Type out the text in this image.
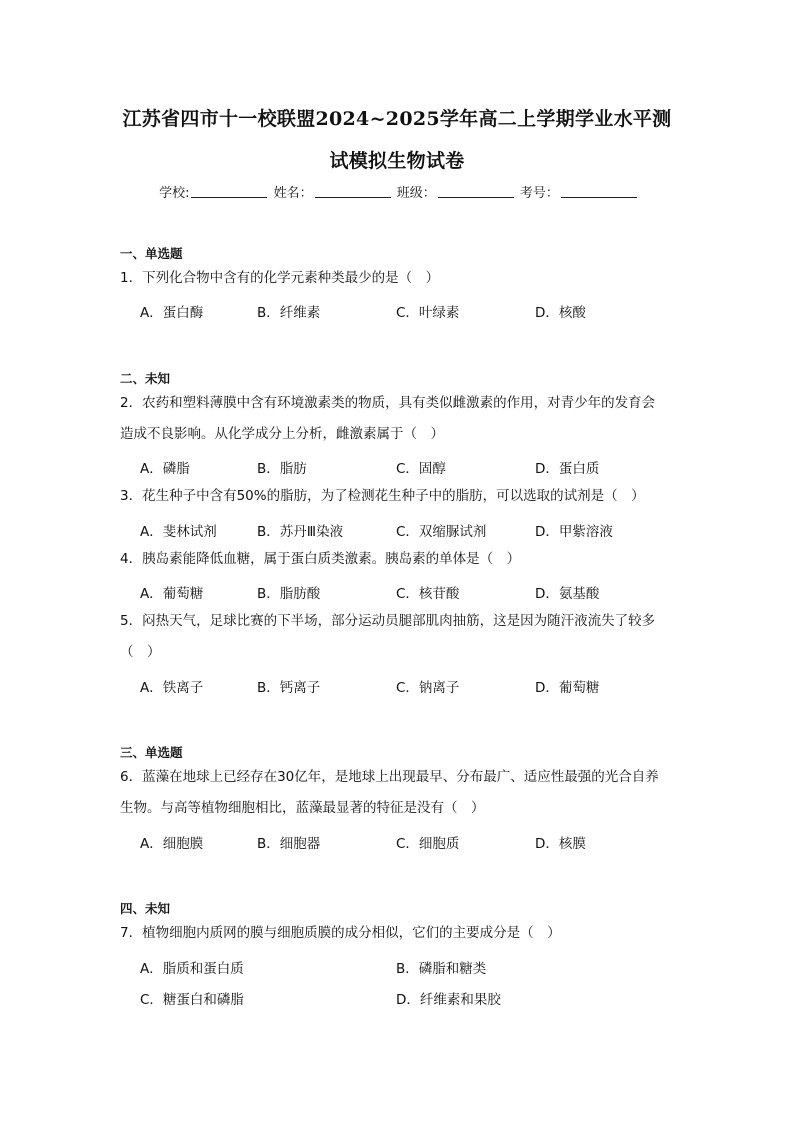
江苏省四市十一校联盟2024~2025学年高二上学期学业水平测
试模拟生物试卷
学校:	姓名：	班级：	考号：
一、单选题

1．下列化合物中含有的化学元素种类最少的是（　）

A．蛋白酶	B．纤维素	C．叶绿素	D．核酸
二、未知

2．农药和塑料薄膜中含有环境激素类的物质，具有类似雌激素的作用，对青少年的发育会

造成不良影响。从化学成分上分析，雌激素属于（　）

A．磷脂	B．脂肪	C．固醇	D．蛋白质

3．花生种子中含有50%的脂肪，为了检测花生种子中的脂肪，可以选取的试剂是（　）

A．斐林试剂	B．苏丹Ⅲ染液	C．双缩脲试剂	D．甲紫溶液

4．胰岛素能降低血糖，属于蛋白质类激素。胰岛素的单体是（　）

A．葡萄糖	B．脂肪酸	C．核苷酸	D．氨基酸

5．闷热天气，足球比赛的下半场，部分运动员腿部肌肉抽筋，这是因为随汗液流失了较多

（　）

A．铁离子	B．钙离子	C．钠离子	D．葡萄糖
三、单选题

6．蓝藻在地球上已经存在30亿年，是地球上出现最早、分布最广、适应性最强的光合自养

生物。与高等植物细胞相比，蓝藻最显著的特征是没有（　）

A．细胞膜	B．细胞器	C．细胞质	D．核膜
四、未知

7．植物细胞内质网的膜与细胞质膜的成分相似，它们的主要成分是（　）

A．脂质和蛋白质	B．磷脂和糖类
C．糖蛋白和磷脂	D．纤维素和果胶
